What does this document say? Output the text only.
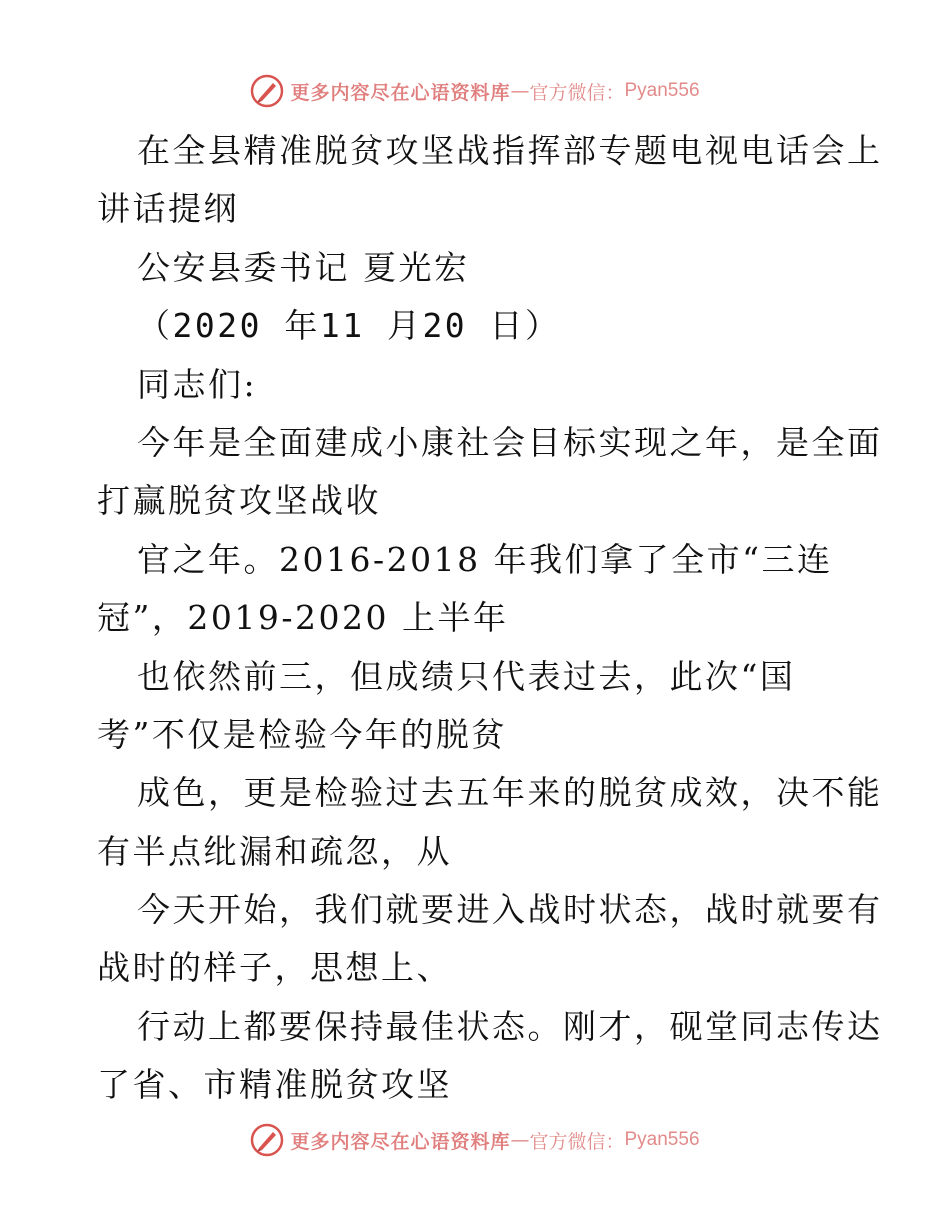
更多内容尽在心语资料库 — 官方微信： Pyan556
在全县精准脱贫攻坚战指挥部专题电视电话会上
讲话提纲
公安县委书记 夏光宏
（2020 年11 月20 日）
同志们:
今年是全面建成小康社会目标实现之年，是全面
打赢脱贫攻坚战收
官之年。2016-2018 年我们拿了全市“三连
冠”，2019-2020 上半年
也依然前三，但成绩只代表过去，此次“国
考”不仅是检验今年的脱贫
成色，更是检验过去五年来的脱贫成效，决不能
有半点纰漏和疏忽，从
今天开始，我们就要进入战时状态，战时就要有
战时的样子，思想上、
行动上都要保持最佳状态。刚才，砚堂同志传达
了省、市精准脱贫攻坚
更多内容尽在心语资料库 — 官方微信： Pyan556
